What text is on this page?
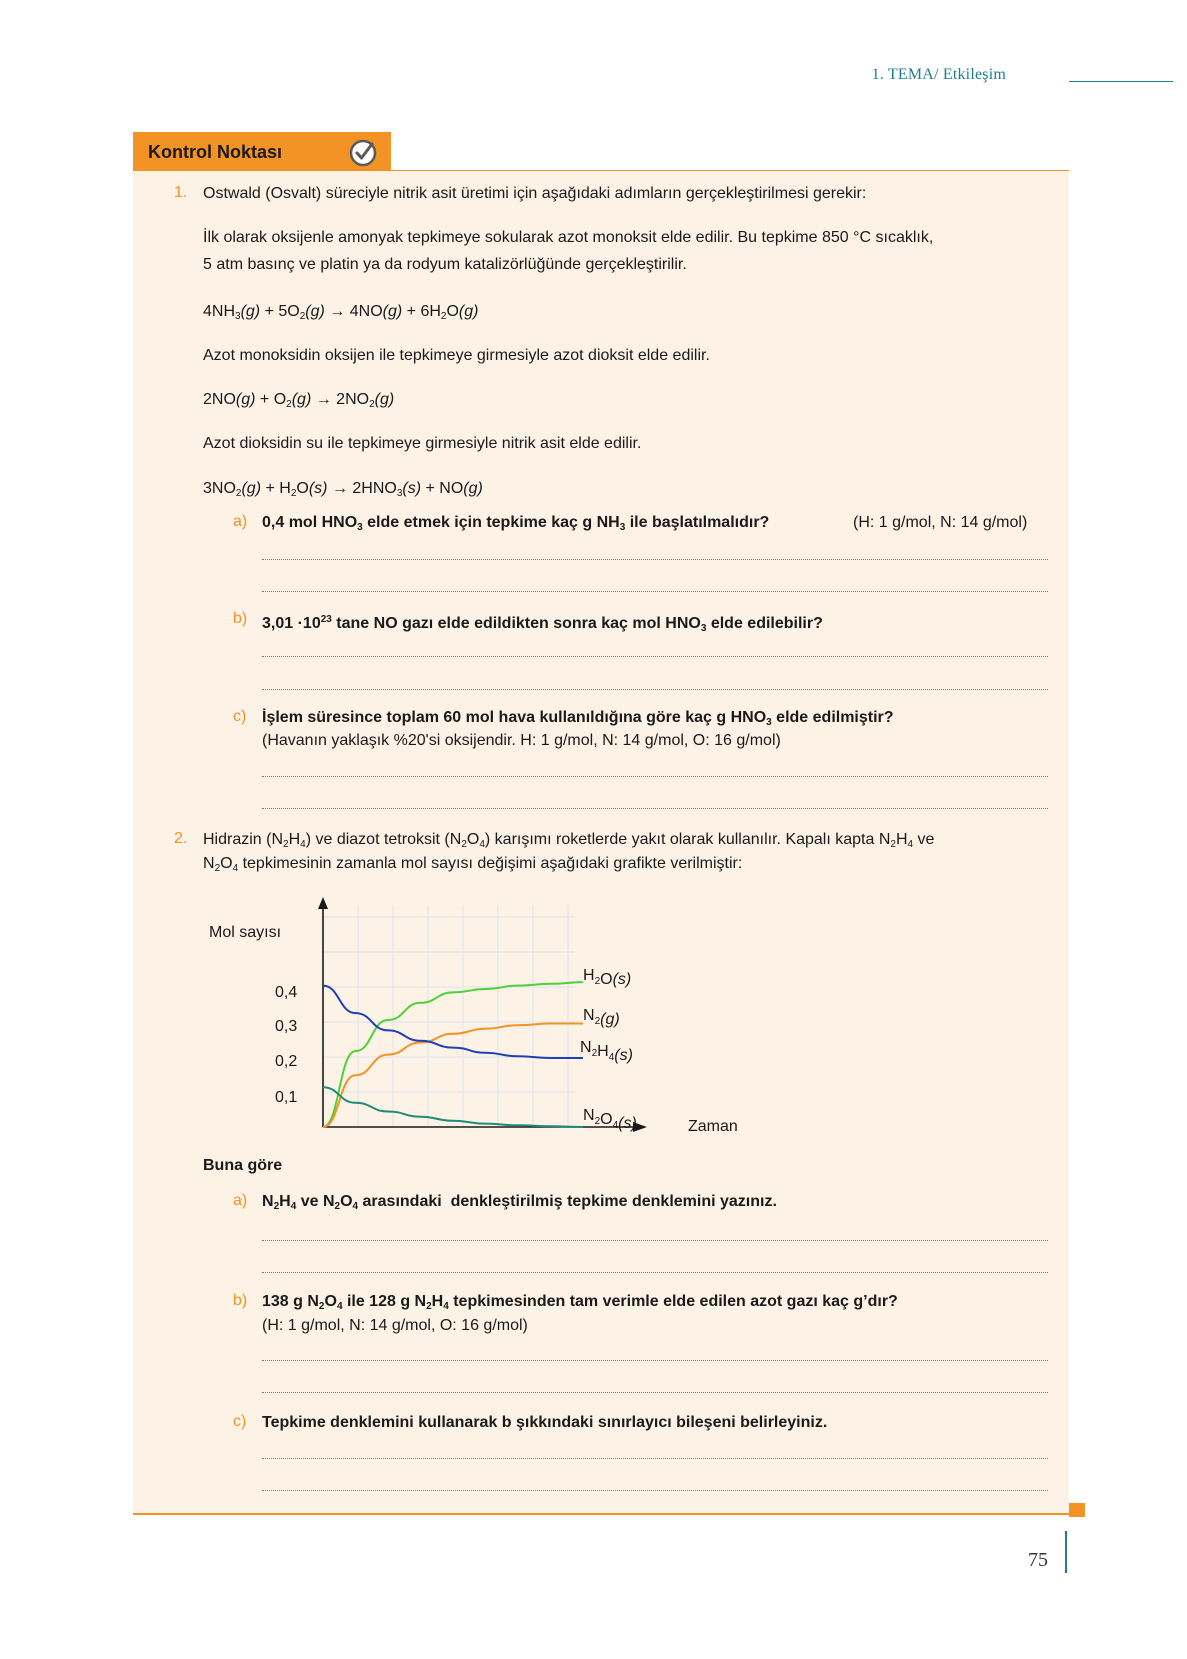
1. TEMA/ Etkileşim
Kontrol Noktası
1. Ostwald (Osvalt) süreciyle nitrik asit üretimi için aşağıdaki adımların gerçekleştirilmesi gerekir:
İlk olarak oksijenle amonyak tepkimeye sokularak azot monoksit elde edilir. Bu tepkime 850 °C sıcaklık,
5 atm basınç ve platin ya da rodyum katalizörlüğünde gerçekleştirilir.
$4NH_3(g) + 5O_2(g) \to 4NO(g) + 6H_2O(g)$
Azot monoksidin oksijen ile tepkimeye girmesiyle azot dioksit elde edilir.
$2NO(g) + O_2(g) \to 2NO_2(g)$
Azot dioksidin su ile tepkimeye girmesiyle nitrik asit elde edilir.
$3NO_2(g) + H_2O(s) \to 2HNO_3(s) + NO(g)$
a) 0,4 mol $HNO_3$ elde etmek için tepkime kaç g $NH_3$ ile başlatılmalıdır?	(H: 1 g/mol, N: 14 g/mol)
b) $3,01 \cdot 10^{23}$ tane NO gazı elde edildikten sonra kaç mol $HNO_3$ elde edilebilir?
c) İşlem süresince toplam 60 mol hava kullanıldığına göre kaç g $HNO_3$ elde edilmiştir?
(Havanın yaklaşık %20'si oksijendir. H: 1 g/mol, N: 14 g/mol, O: 16 g/mol)
2. Hidrazin $(N_2H_4)$ ve diazot tetroksit $(N_2O_4)$ karışımı roketlerde yakıt olarak kullanılır. Kapalı kapta $N_2H_4$ ve
$N_2O_4$ tepkimesinin zamanla mol sayısı değişimi aşağıdaki grafikte verilmiştir:
Mol sayısı
Zaman
0,1
0,2
0,3
0,4
$H_2O(s)$
$N_2(g)$
$N_2H_4(s)$
$N_2O_4(s)$
Buna göre
a) $N_2H_4$ ve $N_2O_4$ arasındaki  denkleştirilmiş tepkime denklemini yazınız.
b) 138 g $N_2O_4$ ile 128 g $N_2H_4$ tepkimesinden tam verimle elde edilen azot gazı kaç g’dır?
(H: 1 g/mol, N: 14 g/mol, O: 16 g/mol)
c) Tepkime denklemini kullanarak b şıkkındaki sınırlayıcı bileşeni belirleyiniz.
75
